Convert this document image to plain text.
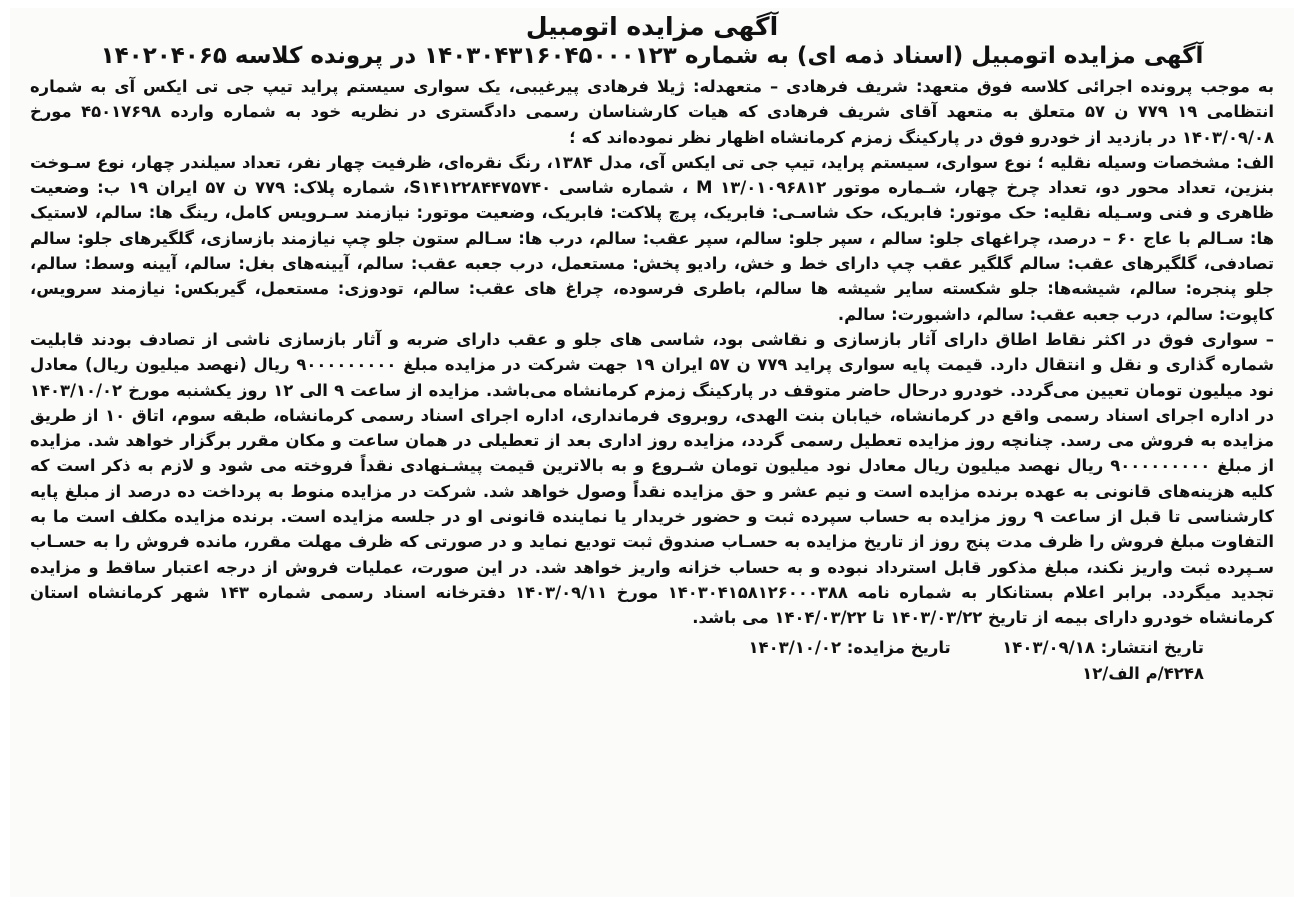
آگهی مزایده اتومبیل
آگهی مزایده اتومبیل (اسناد ذمه ای) به شماره ۱۴۰۳۰۴۳۱۶۰۴۵۰۰۰۱۲۳ در پرونده کلاسه ۱۴۰۲۰۴۰۶۵

به موجب پرونده اجرائی کلاسه فوق متعهد: شریف فرهادی – متعهدله: ژیلا فرهادی پیرغیبی، یک سواری سیستم پراید تیپ جی تی ایکس آی به شماره انتظامی ۱۹ ۷۷۹ ن ۵۷ متعلق به متعهد آقای شریف فرهادی که هیات کارشناسان رسمی دادگستری در نظریه خود به شماره وارده ۴۵۰۱۷۶۹۸ مورخ ۱۴۰۳/۰۹/۰۸ در بازدید از خودرو فوق در پارکینگ زمزم کرمانشاه اظهار نظر نموده‌اند که ؛

الف: مشخصات وسیله نقلیه ؛ نوع سواری، سیستم پراید، تیپ جی تی ایکس آی، مدل ۱۳۸۴، رنگ نقره‌ای، ظرفیت چهار نفر، تعداد سیلندر چهار، نوع سـوخت بنزین، تعداد محور دو، تعداد چرخ چهار، شـماره موتور ۱۳/۰۱۰۹۶۸۱۲ M ، شماره شاسی S۱۴۱۲۲۸۴۴۷۵۷۴۰، شماره پلاک: ۷۷۹ ن ۵۷ ایران ۱۹ ب: وضعیت ظاهری و فنی وسـیله نقلیه: حک موتور: فابریک، حک شاسـی: فابریک، پرچ پلاکت: فابریک، وضعیت موتور: نیازمند سـرویس کامل، رینگ ها: سالم، لاستیک ها: سـالم با عاج ۶۰ – درصد، چراغهای جلو: سالم ، سپر جلو: سالم، سپر عقب: سالم، درب ها: سـالم ستون جلو چپ نیازمند بازسازی، گلگیرهای جلو: سالم تصادفی، گلگیرهای عقب: سالم گلگیر عقب چپ دارای خط و خش، رادیو پخش: مستعمل، درب جعبه عقب: سالم، آیینه‌های بغل: سالم، آیینه وسط: سالم، جلو پنجره: سالم، شیشه‌ها: جلو شکسته سایر شیشه ها سالم، باطری فرسوده، چراغ های عقب: سالم، تودوزی: مستعمل، گیربکس: نیازمند سرویس، کاپوت: سالم، درب جعبه عقب: سالم، داشبورت: سالم.

– سواری فوق در اکثر نقاط اطاق دارای آثار بازسازی و نقاشی بود، شاسی های جلو و عقب دارای ضربه و آثار بازسازی ناشی از تصادف بودند قابلیت شماره گذاری و نقل و انتقال دارد. قیمت پایه سواری پراید ۷۷۹ ن ۵۷ ایران ۱۹ جهت شرکت در مزایده مبلغ ۹۰۰۰۰۰۰۰۰۰ ریال (نهصد میلیون ریال) معادل نود میلیون تومان تعیین می‌گردد. خودرو درحال حاضر متوقف در پارکینگ زمزم کرمانشاه می‌باشد. مزایده از ساعت ۹ الی ۱۲ روز یکشنبه مورخ ۱۴۰۳/۱۰/۰۲ در اداره اجرای اسناد رسمی واقع در کرمانشاه، خیابان بنت الهدی، روبروی فرمانداری، اداره اجرای اسناد رسمی کرمانشاه، طبقه سوم، اتاق ۱۰ از طریق مزایده به فروش می رسد. چنانچه روز مزایده تعطیل رسمی گردد، مزایده روز اداری بعد از تعطیلی در همان ساعت و مکان مقرر برگزار خواهد شد. مزایده از مبلغ ۹۰۰۰۰۰۰۰۰۰ ریال نهصد میلیون ریال معادل نود میلیون تومان شـروع و به بالاترین قیمت پیشـنهادی نقداً فروخته می شود و لازم به ذکر است که کلیه هزینه‌های قانونی به عهده برنده مزایده است و نیم عشر و حق مزایده نقداً وصول خواهد شد. شرکت در مزایده منوط به پرداخت ده درصد از مبلغ پایه کارشناسی تا قبل از ساعت ۹ روز مزایده به حساب سپرده ثبت و حضور خریدار یا نماینده قانونی او در جلسه مزایده است. برنده مزایده مکلف است ما به التفاوت مبلغ فروش را ظرف مدت پنج روز از تاریخ مزایده به حسـاب صندوق ثبت تودیع نماید و در صورتی که ظرف مهلت مقرر، مانده فروش را به حسـاب سـپرده ثبت واریز نکند، مبلغ مذکور قابل استرداد نبوده و به حساب خزانه واریز خواهد شد. در این صورت، عملیات فروش از درجه اعتبار ساقط و مزایده تجدید میگردد. برابر اعلام بستانکار به شماره نامه ۱۴۰۳۰۴۱۵۸۱۲۶۰۰۰۳۸۸ مورخ ۱۴۰۳/۰۹/۱۱ دفترخانه اسناد رسمی شماره ۱۴۳ شهر کرمانشاه استان کرمانشاه خودرو دارای بیمه از تاریخ ۱۴۰۳/۰۳/۲۲ تا ۱۴۰۴/۰۳/۲۲ می باشد.

تاریخ انتشار: ۱۴۰۳/۰۹/۱۸  تاریخ مزایده: ۱۴۰۳/۱۰/۰۲
۴۲۴۸/م الف/۱۲
